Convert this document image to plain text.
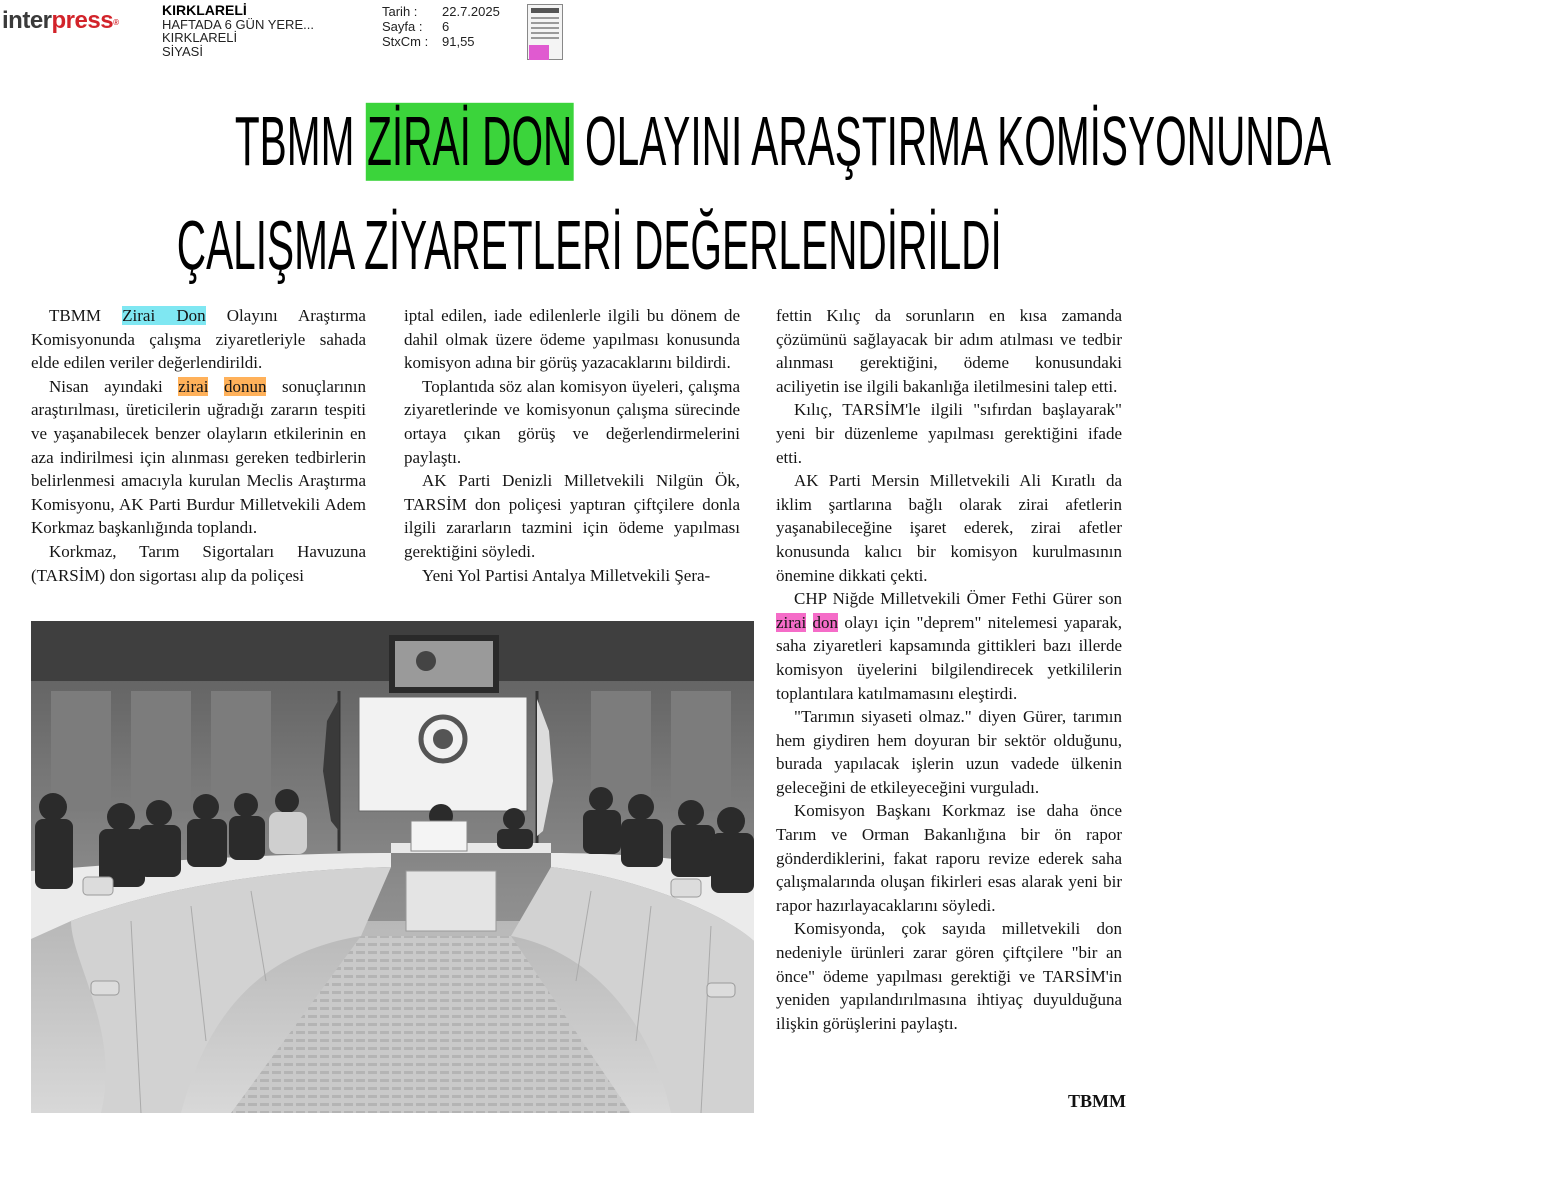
interpress®
KIRKLARELİ
HAFTADA 6 GÜN YERE...
KIRKLARELİ
SİYASİ
Tarih :	22.7.2025
Sayfa :	6
StxCm :	91,55
TBMM ZİRAİ DON OLAYINI ARAŞTIRMA KOMİSYONUNDA
ÇALIŞMA ZİYARETLERİ DEĞERLENDİRİLDİ

TBMM Zirai Don Olayını Araştırma Komisyonunda çalışma ziyaretleriyle sahada elde edilen veriler değerlendirildi.

Nisan ayındaki zirai donun sonuçlarının araştırılması, üreticilerin uğradığı zararın tespiti ve yaşanabilecek benzer olayların etkilerinin en aza indirilmesi için alınması gereken tedbirlerin belirlenmesi amacıyla kurulan Meclis Araştırma Komisyonu, AK Parti Burdur Milletvekili Adem Korkmaz başkanlığında toplandı.

Korkmaz, Tarım Sigortaları Havuzuna (TARSİM) don sigortası alıp da poliçesi

iptal edilen, iade edilenlerle ilgili bu dönem de dahil olmak üzere ödeme yapılması konusunda komisyon adına bir görüş yazacaklarını bildirdi.

Toplantıda söz alan komisyon üyeleri, çalışma ziyaretlerinde ve komisyonun çalışma sürecinde ortaya çıkan görüş ve değerlendirmelerini paylaştı.

AK Parti Denizli Milletvekili Nilgün Ök, TARSİM don poliçesi yaptıran çiftçilere donla ilgili zararların tazmini için ödeme yapılması gerektiğini söyledi.

Yeni Yol Partisi Antalya Milletvekili Şera-

fettin Kılıç da sorunların en kısa zamanda çözümünü sağlayacak bir adım atılması ve tedbir alınması gerektiğini, ödeme konusundaki aciliyetin ise ilgili bakanlığa iletilmesini talep etti.

Kılıç, TARSİM'le ilgili "sıfırdan başlayarak" yeni bir düzenleme yapılması gerektiğini ifade etti.

AK Parti Mersin Milletvekili Ali Kıratlı da iklim şartlarına bağlı olarak zirai afetlerin yaşanabileceğine işaret ederek, zirai afetler konusunda kalıcı bir komisyon kurulmasının önemine dikkati çekti.

CHP Niğde Milletvekili Ömer Fethi Gürer son zirai don olayı için "deprem" nitelemesi yaparak, saha ziyaretleri kapsamında gittikleri bazı illerde komisyon üyelerini bilgilendirecek yetkililerin toplantılara katılmamasını eleştirdi.

"Tarımın siyaseti olmaz." diyen Gürer, tarımın hem giydiren hem doyuran bir sektör olduğunu, burada yapılacak işlerin uzun vadede ülkenin geleceğini de etkileyeceğini vurguladı.

Komisyon Başkanı Korkmaz ise daha önce Tarım ve Orman Bakanlığına bir ön rapor gönderdiklerini, fakat raporu revize ederek saha çalışmalarında oluşan fikirleri esas alarak yeni bir rapor hazırlayacaklarını söyledi.

Komisyonda, çok sayıda milletvekili don nedeniyle ürünleri zarar gören çiftçilere "bir an önce" ödeme yapılması gerektiği ve TARSİM'in yeniden yapılandırılmasına ihtiyaç duyulduğuna ilişkin görüşlerini paylaştı.

TBMM
